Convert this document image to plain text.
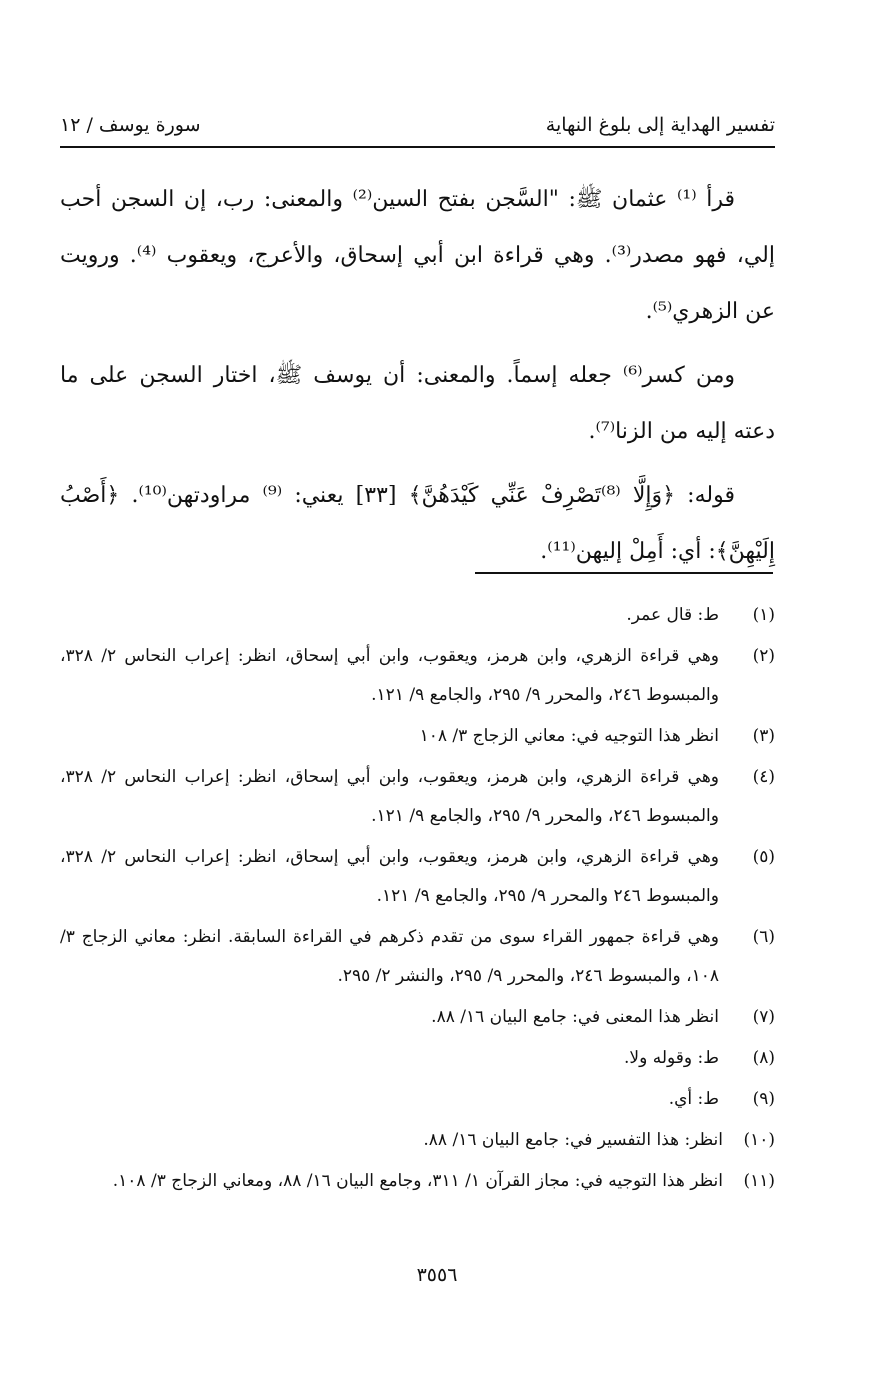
تفسير الهداية إلى بلوغ النهاية
سورة يوسف / ١٢

قرأ ⁽¹⁾ عثمان ﷺ: "السَّجن بفتح السين⁽²⁾ والمعنى: رب، إن السجن أحب إلي، فهو مصدر⁽³⁾. وهي قراءة ابن أبي إسحاق، والأعرج، ويعقوب ⁽⁴⁾. ورويت عن الزهري⁽⁵⁾.

ومن كسر⁽⁶⁾ جعله إسماً. والمعنى: أن يوسف ﷺ، اختار السجن على ما دعته إليه من الزنا⁽⁷⁾.

قوله: ﴿وَإِلَّا ⁽⁸⁾تَصْرِفْ عَنِّي كَيْدَهُنَّ﴾ [٣٣] يعني: ⁽⁹⁾ مراودتهن⁽¹⁰⁾. ﴿أَصْبُ إِلَيْهِنَّ﴾: أي: أَمِلْ إليهن⁽¹¹⁾.

(١)
ط: قال عمر.
(٢)
وهي قراءة الزهري، وابن هرمز، ويعقوب، وابن أبي إسحاق، انظر: إعراب النحاس ٢/ ٣٢٨، والمبسوط ٢٤٦، والمحرر ٩/ ٢٩٥، والجامع ٩/ ١٢١.
(٣)
انظر هذا التوجيه في: معاني الزجاج ٣/ ١٠٨
(٤)
وهي قراءة الزهري، وابن هرمز، ويعقوب، وابن أبي إسحاق، انظر: إعراب النحاس ٢/ ٣٢٨، والمبسوط ٢٤٦، والمحرر ٩/ ٢٩٥، والجامع ٩/ ١٢١.
(٥)
وهي قراءة الزهري، وابن هرمز، ويعقوب، وابن أبي إسحاق، انظر: إعراب النحاس ٢/ ٣٢٨، والمبسوط ٢٤٦ والمحرر ٩/ ٢٩٥، والجامع ٩/ ١٢١.
(٦)
وهي قراءة جمهور القراء سوى من تقدم ذكرهم في القراءة السابقة. انظر: معاني الزجاج ٣/ ١٠٨، والمبسوط ٢٤٦، والمحرر ٩/ ٢٩٥، والنشر ٢/ ٢٩٥.
(٧)
انظر هذا المعنى في: جامع البيان ١٦/ ٨٨.
(٨)
ط: وقوله ولا.
(٩)
ط: أي.
(١٠)
انظر: هذا التفسير في: جامع البيان ١٦/ ٨٨.
(١١)
انظر هذا التوجيه في: مجاز القرآن ١/ ٣١١، وجامع البيان ١٦/ ٨٨، ومعاني الزجاج ٣/ ١٠٨.
٣٥٥٦
